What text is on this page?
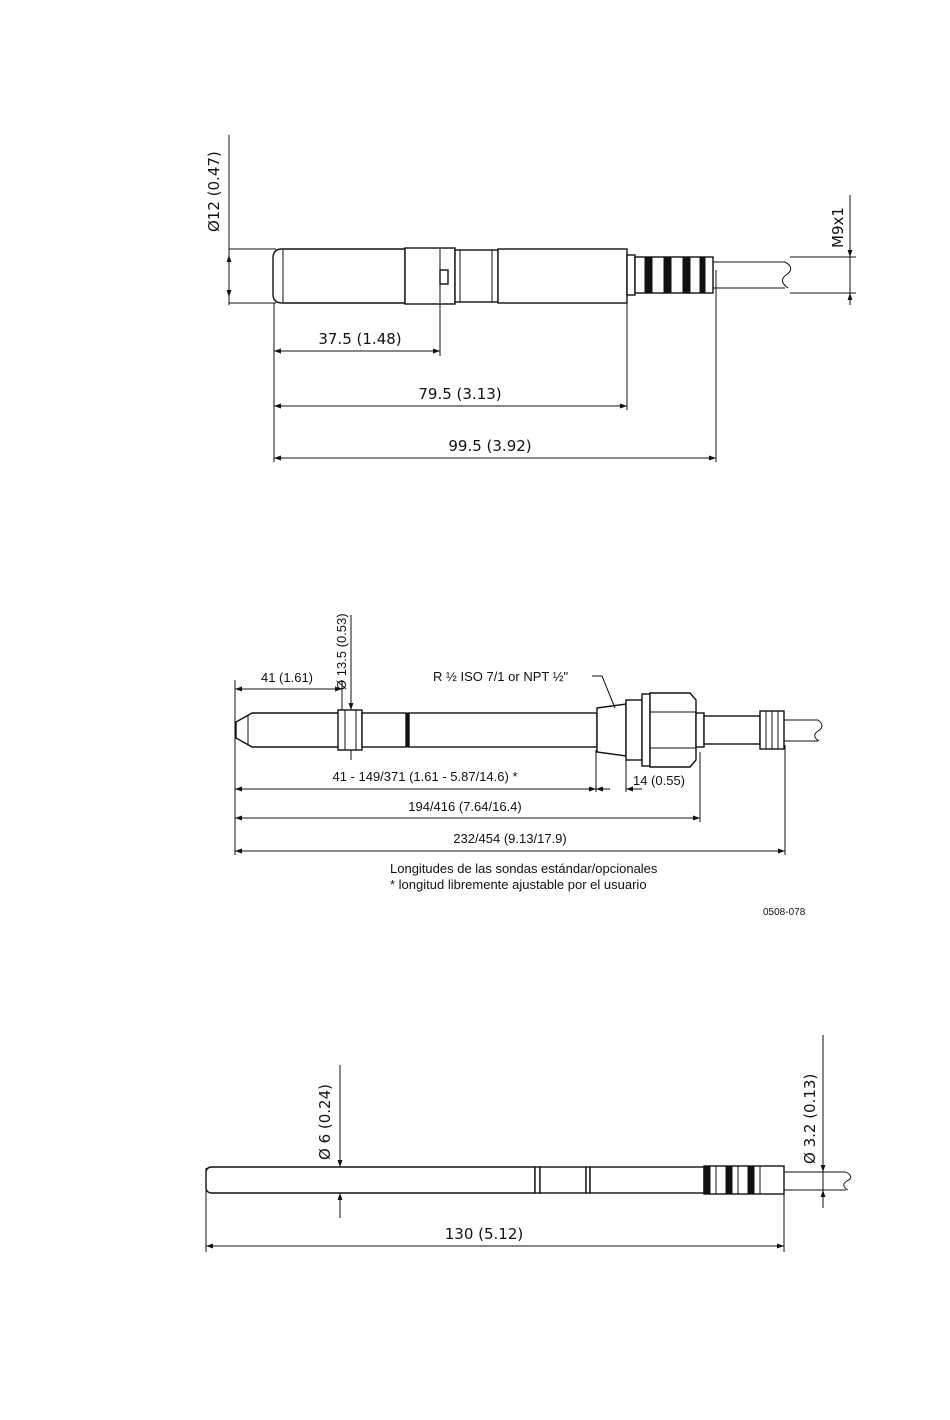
Ø12 (0.47)	M9x1
37.5 (1.48)
79.5 (3.13)
99.5 (3.92)
Ø 13.5 (0.53)
41 (1.61)	R ½ ISO 7/1 or NPT ½"
41 - 149/371 (1.61 - 5.87/14.6) *	14 (0.55)
194/416 (7.64/16.4)
232/454 (9.13/17.9)
Longitudes de las sondas estándar/opcionales
* longitud libremente ajustable por el usuario
0508-078
Ø 6 (0.24)	Ø 3.2 (0.13)
130 (5.12)
